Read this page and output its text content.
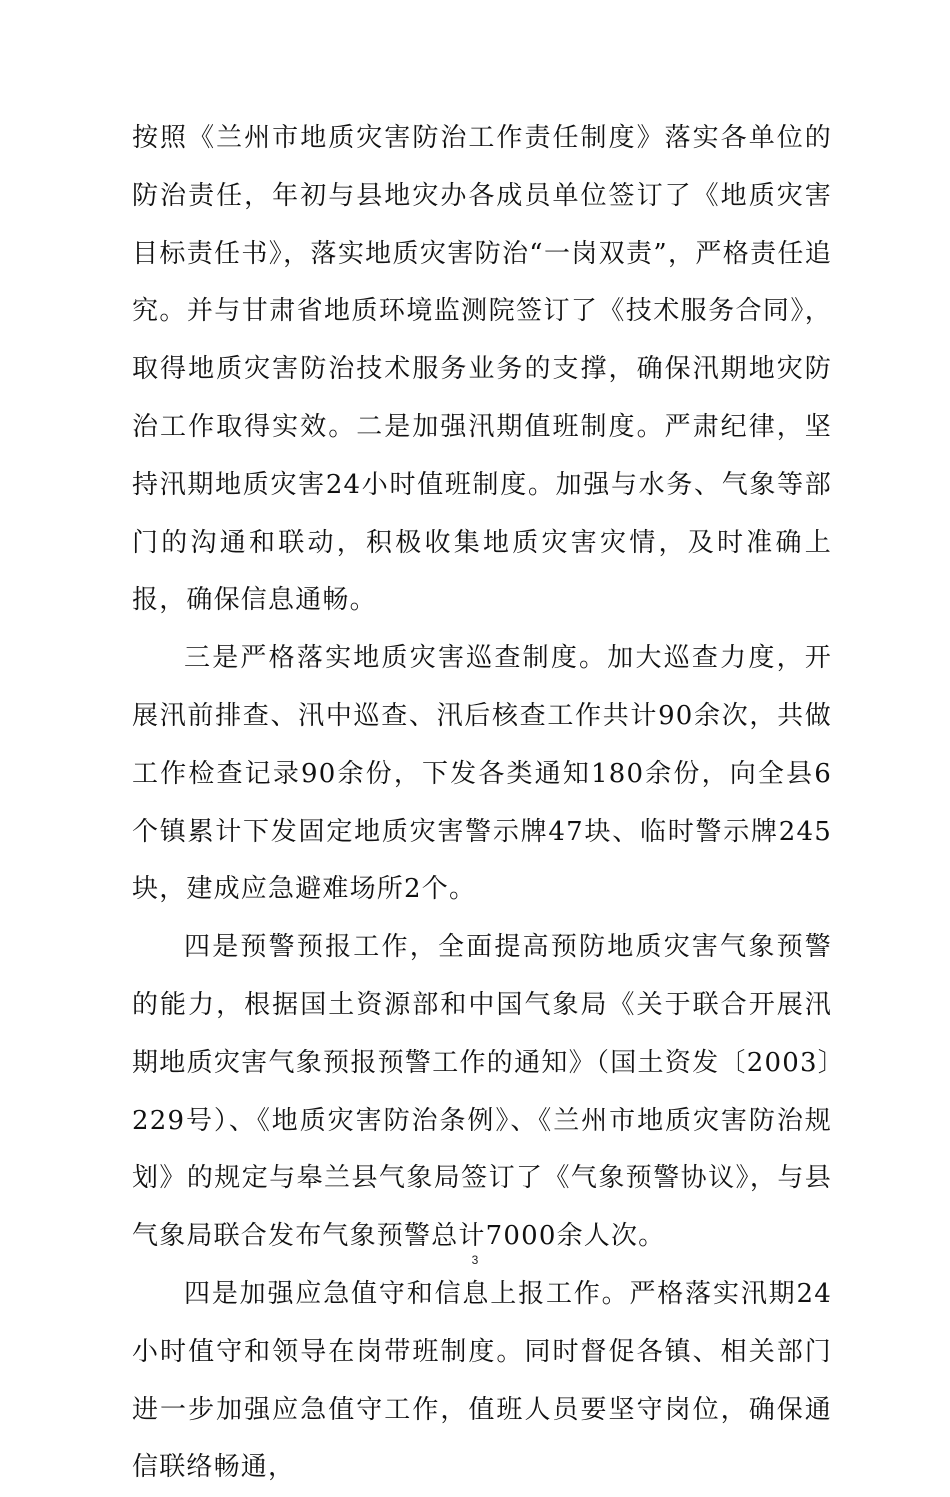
按照《兰州市地质灾害防治工作责任制度》落实各单位的防治责任，年初与县地灾办各成员单位签订了《地质灾害目标责任书》，落实地质灾害防治“一岗双责”，严格责任追究。并与甘肃省地质环境监测院签订了《技术服务合同》，取得地质灾害防治技术服务业务的支撑，确保汛期地灾防治工作取得实效。二是加强汛期值班制度。严肃纪律，坚持汛期地质灾害24小时值班制度。加强与水务、气象等部门的沟通和联动，积极收集地质灾害灾情，及时准确上报，确保信息通畅。

三是严格落实地质灾害巡查制度。加大巡查力度，开展汛前排查、汛中巡查、汛后核查工作共计90余次，共做工作检查记录90余份，下发各类通知180余份，向全县6个镇累计下发固定地质灾害警示牌47块、临时警示牌245块，建成应急避难场所2个。

四是预警预报工作，全面提高预防地质灾害气象预警的能力，根据国土资源部和中国气象局《关于联合开展汛期地质灾害气象预报预警工作的通知》（国土资发〔2003〕229号）、《地质灾害防治条例》、《兰州市地质灾害防治规划》的规定与皋兰县气象局签订了《气象预警协议》，与县气象局联合发布气象预警总计7000余人次。

四是加强应急值守和信息上报工作。严格落实汛期24小时值守和领导在岗带班制度。同时督促各镇、相关部门进一步加强应急值守工作，值班人员要坚守岗位，确保通信联络畅通，

3
